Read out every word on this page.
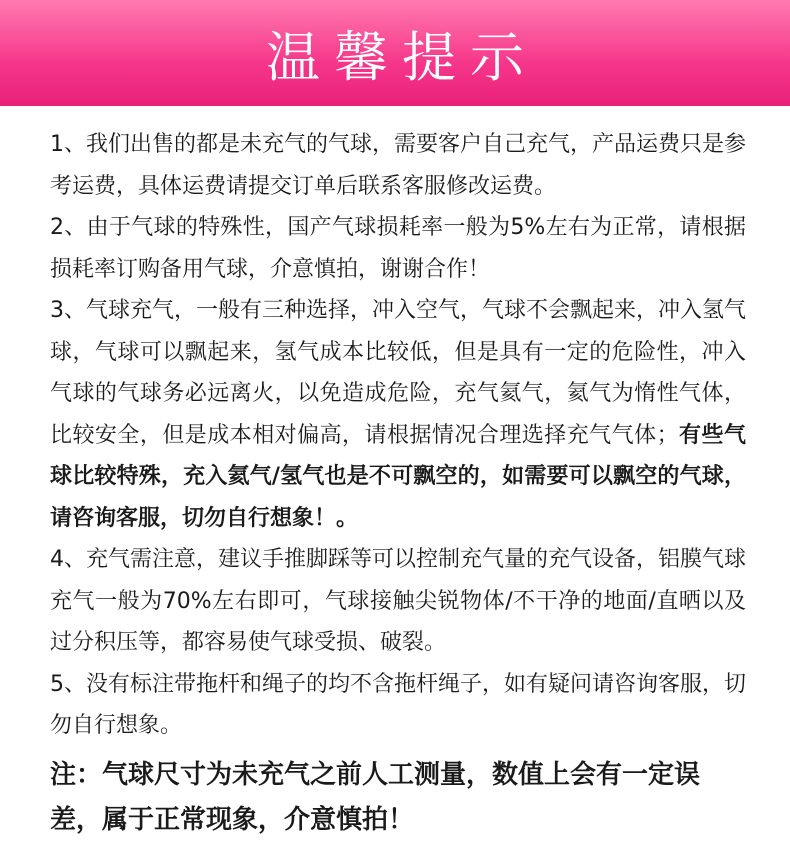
温馨提示

1、我们出售的都是未充气的气球，需要客户自己充气，产品运费只是参考运费，具体运费请提交订单后联系客服修改运费。

2、由于气球的特殊性，国产气球损耗率一般为5%左右为正常，请根据损耗率订购备用气球，介意慎拍，谢谢合作！

3、气球充气，一般有三种选择，冲入空气，气球不会飘起来，冲入氢气球，气球可以飘起来，氢气成本比较低，但是具有一定的危险性，冲入气球的气球务必远离火，以免造成危险，充气氦气，氦气为惰性气体，比较安全，但是成本相对偏高，请根据情况合理选择充气气体；有些气球比较特殊，充入氦气/氢气也是不可飘空的，如需要可以飘空的气球，请咨询客服，切勿自行想象！。

4、充气需注意，建议手推脚踩等可以控制充气量的充气设备，铝膜气球充气一般为70%左右即可，气球接触尖锐物体/不干净的地面/直晒以及过分积压等，都容易使气球受损、破裂。

5、没有标注带拖杆和绳子的均不含拖杆绳子，如有疑问请咨询客服，切勿自行想象。

注：气球尺寸为未充气之前人工测量，数值上会有一定误差，属于正常现象，介意慎拍！
